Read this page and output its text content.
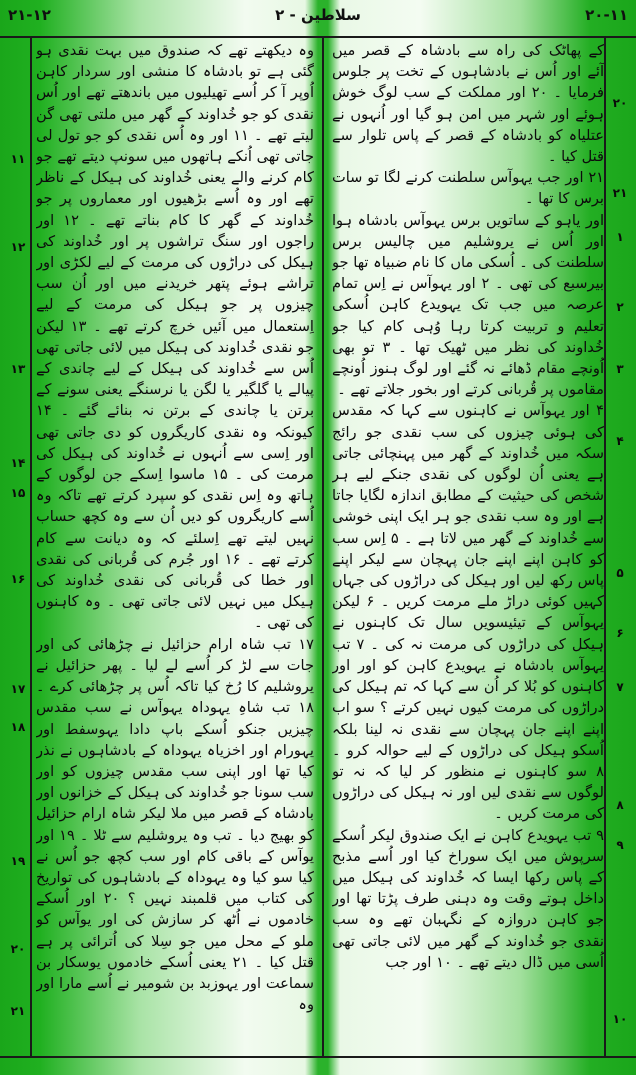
۲۱-۱۲	۲ - سلاطین	۲۰-۱۱

کے پھاٹک کی راہ سے بادشاہ کے قصر میں آئے اور اُس نے بادشاہوں کے تخت پر جلوس فرمایا ۔ ۲۰ اور مملکت کے سب لوگ خوش ہوئے اور شہر میں امن ہو گیا اور اُنہوں نے عتلیاہ کو بادشاہ کے قصر کے پاس تلوار سے قتل کیا ۔

۲۱ اور جب یہوآس سلطنت کرنے لگا تو سات برس کا تھا ۔

اور یاہو کے ساتویں برس یہوآس بادشاہ ہوا اور اُس نے یروشلیم میں چالیس برس سلطنت کی ۔ اُسکی ماں کا نام ضبیاہ تھا جو بیرسبع کی تھی ۔ ۲ اور یہوآس نے اِس تمام عرصہ میں جب تک یہویدع کاہن اُسکی تعلیم و تربیت کرتا رہا وُہی کام کیا جو خُداوند کی نظر میں ٹھیک تھا ۔ ۳ تو بھی اُونچے مقام ڈھائے نہ گئے اور لوگ ہنوز اُونچے مقاموں پر قُربانی کرتے اور بخور جلاتے تھے ۔

۴ اور یہوآس نے کاہنوں سے کہا کہ مقدس کی ہوئی چیزوں کی سب نقدی جو رائج سکہ میں خُداوند کے گھر میں پہنچائی جاتی ہے یعنی اُن لوگوں کی نقدی جنکے لیے ہر شخص کی حیثیت کے مطابق اندازہ لگایا جاتا ہے اور وہ سب نقدی جو ہر ایک اپنی خوشی سے خُداوند کے گھر میں لاتا ہے ۔ ۵ اِس سب کو کاہن اپنے اپنے جان پہچان سے لیکر اپنے پاس رکھ لیں اور ہیکل کی دراڑوں کی جہاں کہیں کوئی دراڑ ملے مرمت کریں ۔ ۶ لیکن یہوآس کے تیئیسویں سال تک کاہنوں نے ہیکل کی دراڑوں کی مرمت نہ کی ۔ ۷ تب یہوآس بادشاہ نے یہویدع کاہن کو اور اور کاہنوں کو بُلا کر اُن سے کہا کہ تم ہیکل کی دراڑوں کی مرمت کیوں نہیں کرتے ؟ سو اب اپنے اپنے جان پہچان سے نقدی نہ لینا بلکہ اُسکو ہیکل کی دراڑوں کے لیے حوالہ کرو ۔ ۸ سو کاہنوں نے منظور کر لیا کہ نہ تو لوگوں سے نقدی لیں اور نہ ہیکل کی دراڑوں کی مرمت کریں ۔

۹ تب یہویدع کاہن نے ایک صندوق لیکر اُسکے سرپوش میں ایک سوراخ کیا اور اُسے مذبح کے پاس رکھا ایسا کہ خُداوند کی ہیکل میں داخل ہوتے وقت وہ دہنی طرف پڑتا تھا اور جو کاہن دروازہ کے نگہبان تھے وہ سب نقدی جو خُداوند کے گھر میں لائی جاتی تھی اُسی میں ڈال دیتے تھے ۔ ۱۰ اور جب

وہ دیکھتے تھے کہ صندوق میں بہت نقدی ہو گئی ہے تو بادشاہ کا منشی اور سردار کاہن اُوپر آ کر اُسے تھیلیوں میں باندھتے تھے اور اُس نقدی کو جو خُداوند کے گھر میں ملتی تھی گن لیتے تھے ۔ ۱۱ اور وہ اُس نقدی کو جو تول لی جاتی تھی اُنکے ہاتھوں میں سونپ دیتے تھے جو کام کرنے والے یعنی خُداوند کی ہیکل کے ناظر تھے اور وہ اُسے بڑھیوں اور معماروں پر جو خُداوند کے گھر کا کام بناتے تھے ۔ ۱۲ اور راجوں اور سنگ تراشوں پر اور خُداوند کی ہیکل کی دراڑوں کی مرمت کے لیے لکڑی اور تراشے ہوئے پتھر خریدنے میں اور اُن سب چیزوں پر جو ہیکل کی مرمت کے لیے اِستعمال میں آئیں خرچ کرتے تھے ۔ ۱۳ لیکن جو نقدی خُداوند کی ہیکل میں لائی جاتی تھی اُس سے خُداوند کی ہیکل کے لیے چاندی کے پیالے یا گلگیر یا لگن یا نرسنگے یعنی سونے کے برتن یا چاندی کے برتن نہ بنائے گئے ۔ ۱۴ کیونکہ وہ نقدی کاریگروں کو دی جاتی تھی اور اِسی سے اُنہوں نے خُداوند کی ہیکل کی مرمت کی ۔ ۱۵ ماسوا اِسکے جن لوگوں کے ہاتھ وہ اِس نقدی کو سپرد کرتے تھے تاکہ وہ اُسے کاریگروں کو دیں اُن سے وہ کچھ حساب نہیں لیتے تھے اِسلئے کہ وہ دیانت سے کام کرتے تھے ۔ ۱۶ اور جُرم کی قُربانی کی نقدی اور خطا کی قُربانی کی نقدی خُداوند کی ہیکل میں نہیں لائی جاتی تھی ۔ وہ کاہنوں کی تھی ۔

۱۷ تب شاہ ارام حزائیل نے چڑھائی کی اور جات سے لڑ کر اُسے لے لیا ۔ پھر حزائیل نے یروشلیم کا رُخ کیا تاکہ اُس پر چڑھائی کرے ۔ ۱۸ تب شاہِ یہوداہ یہوآس نے سب مقدس چیزیں جنکو اُسکے باپ دادا یہوسفط اور یہورام اور اخزیاہ یہوداہ کے بادشاہوں نے نذر کیا تھا اور اپنی سب مقدس چیزوں کو اور سب سونا جو خُداوند کی ہیکل کے خزانوں اور بادشاہ کے قصر میں ملا لیکر شاہ ارام حزائیل کو بھیج دیا ۔ تب وہ یروشلیم سے ٹلا ۔ ۱۹ اور یوآس کے باقی کام اور سب کچھ جو اُس نے کیا سو کیا وہ یہوداہ کے بادشاہوں کی تواریخ کی کتاب میں قلمبند نہیں ؟ ۲۰ اور اُسکے خادموں نے اُٹھ کر سازش کی اور یوآس کو ملو کے محل میں جو سِلا کی اُترائی پر ہے قتل کیا ۔ ۲۱ یعنی اُسکے خادموں یوسکار بن سماعت اور یہوزبد بن شومیر نے اُسے مارا اور وہ

۲۰
۲۱
۱
۲
۳
۴
۵
۶
۷
۸
۹
۱۰
۱۱
۱۲
۱۳
۱۴
۱۵
۱۶
۱۷
۱۸
۱۹
۲۰
۲۱
